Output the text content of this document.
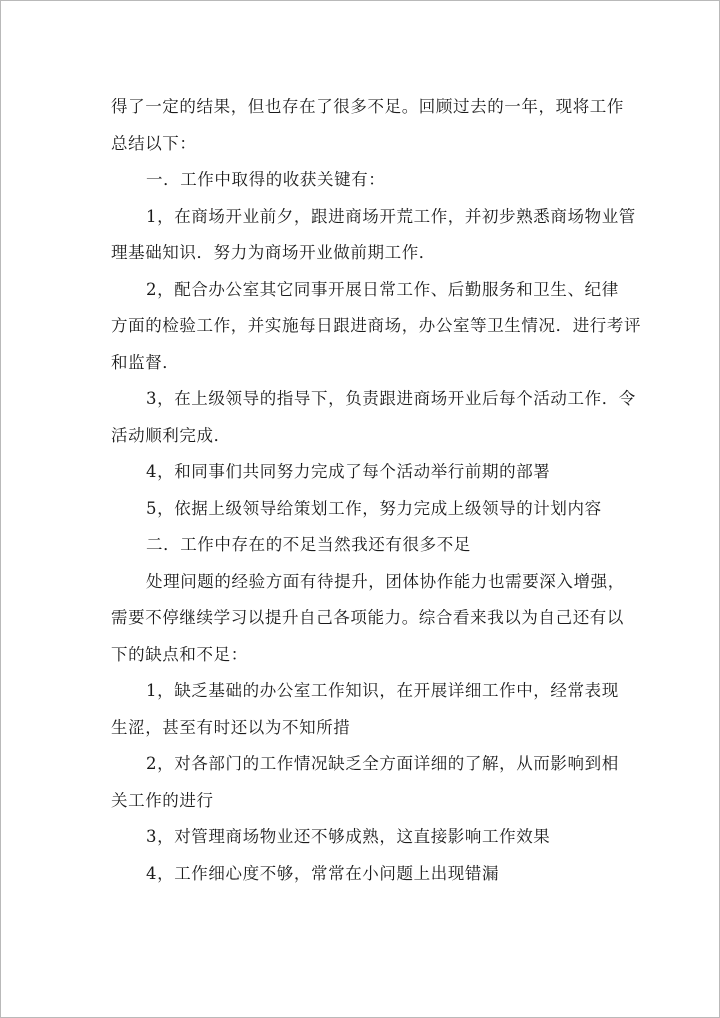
得了一定的结果，但也存在了很多不足。回顾过去的一年，现将工作
总结以下：

一．工作中取得的收获关键有：

1，在商场开业前夕，跟进商场开荒工作，并初步熟悉商场物业管
理基础知识．努力为商场开业做前期工作．

2，配合办公室其它同事开展日常工作、后勤服务和卫生、纪律
方面的检验工作，并实施每日跟进商场，办公室等卫生情况．进行考评
和监督．

3，在上级领导的指导下，负责跟进商场开业后每个活动工作．令
活动顺利完成．

4，和同事们共同努力完成了每个活动举行前期的部署

5，依据上级领导给策划工作，努力完成上级领导的计划内容

二．工作中存在的不足当然我还有很多不足

处理问题的经验方面有待提升，团体协作能力也需要深入增强，
需要不停继续学习以提升自己各项能力。综合看来我以为自己还有以
下的缺点和不足：

1，缺乏基础的办公室工作知识，在开展详细工作中，经常表现
生涩，甚至有时还以为不知所措

2，对各部门的工作情况缺乏全方面详细的了解，从而影响到相
关工作的进行

3，对管理商场物业还不够成熟，这直接影响工作效果

4，工作细心度不够，常常在小问题上出现错漏
